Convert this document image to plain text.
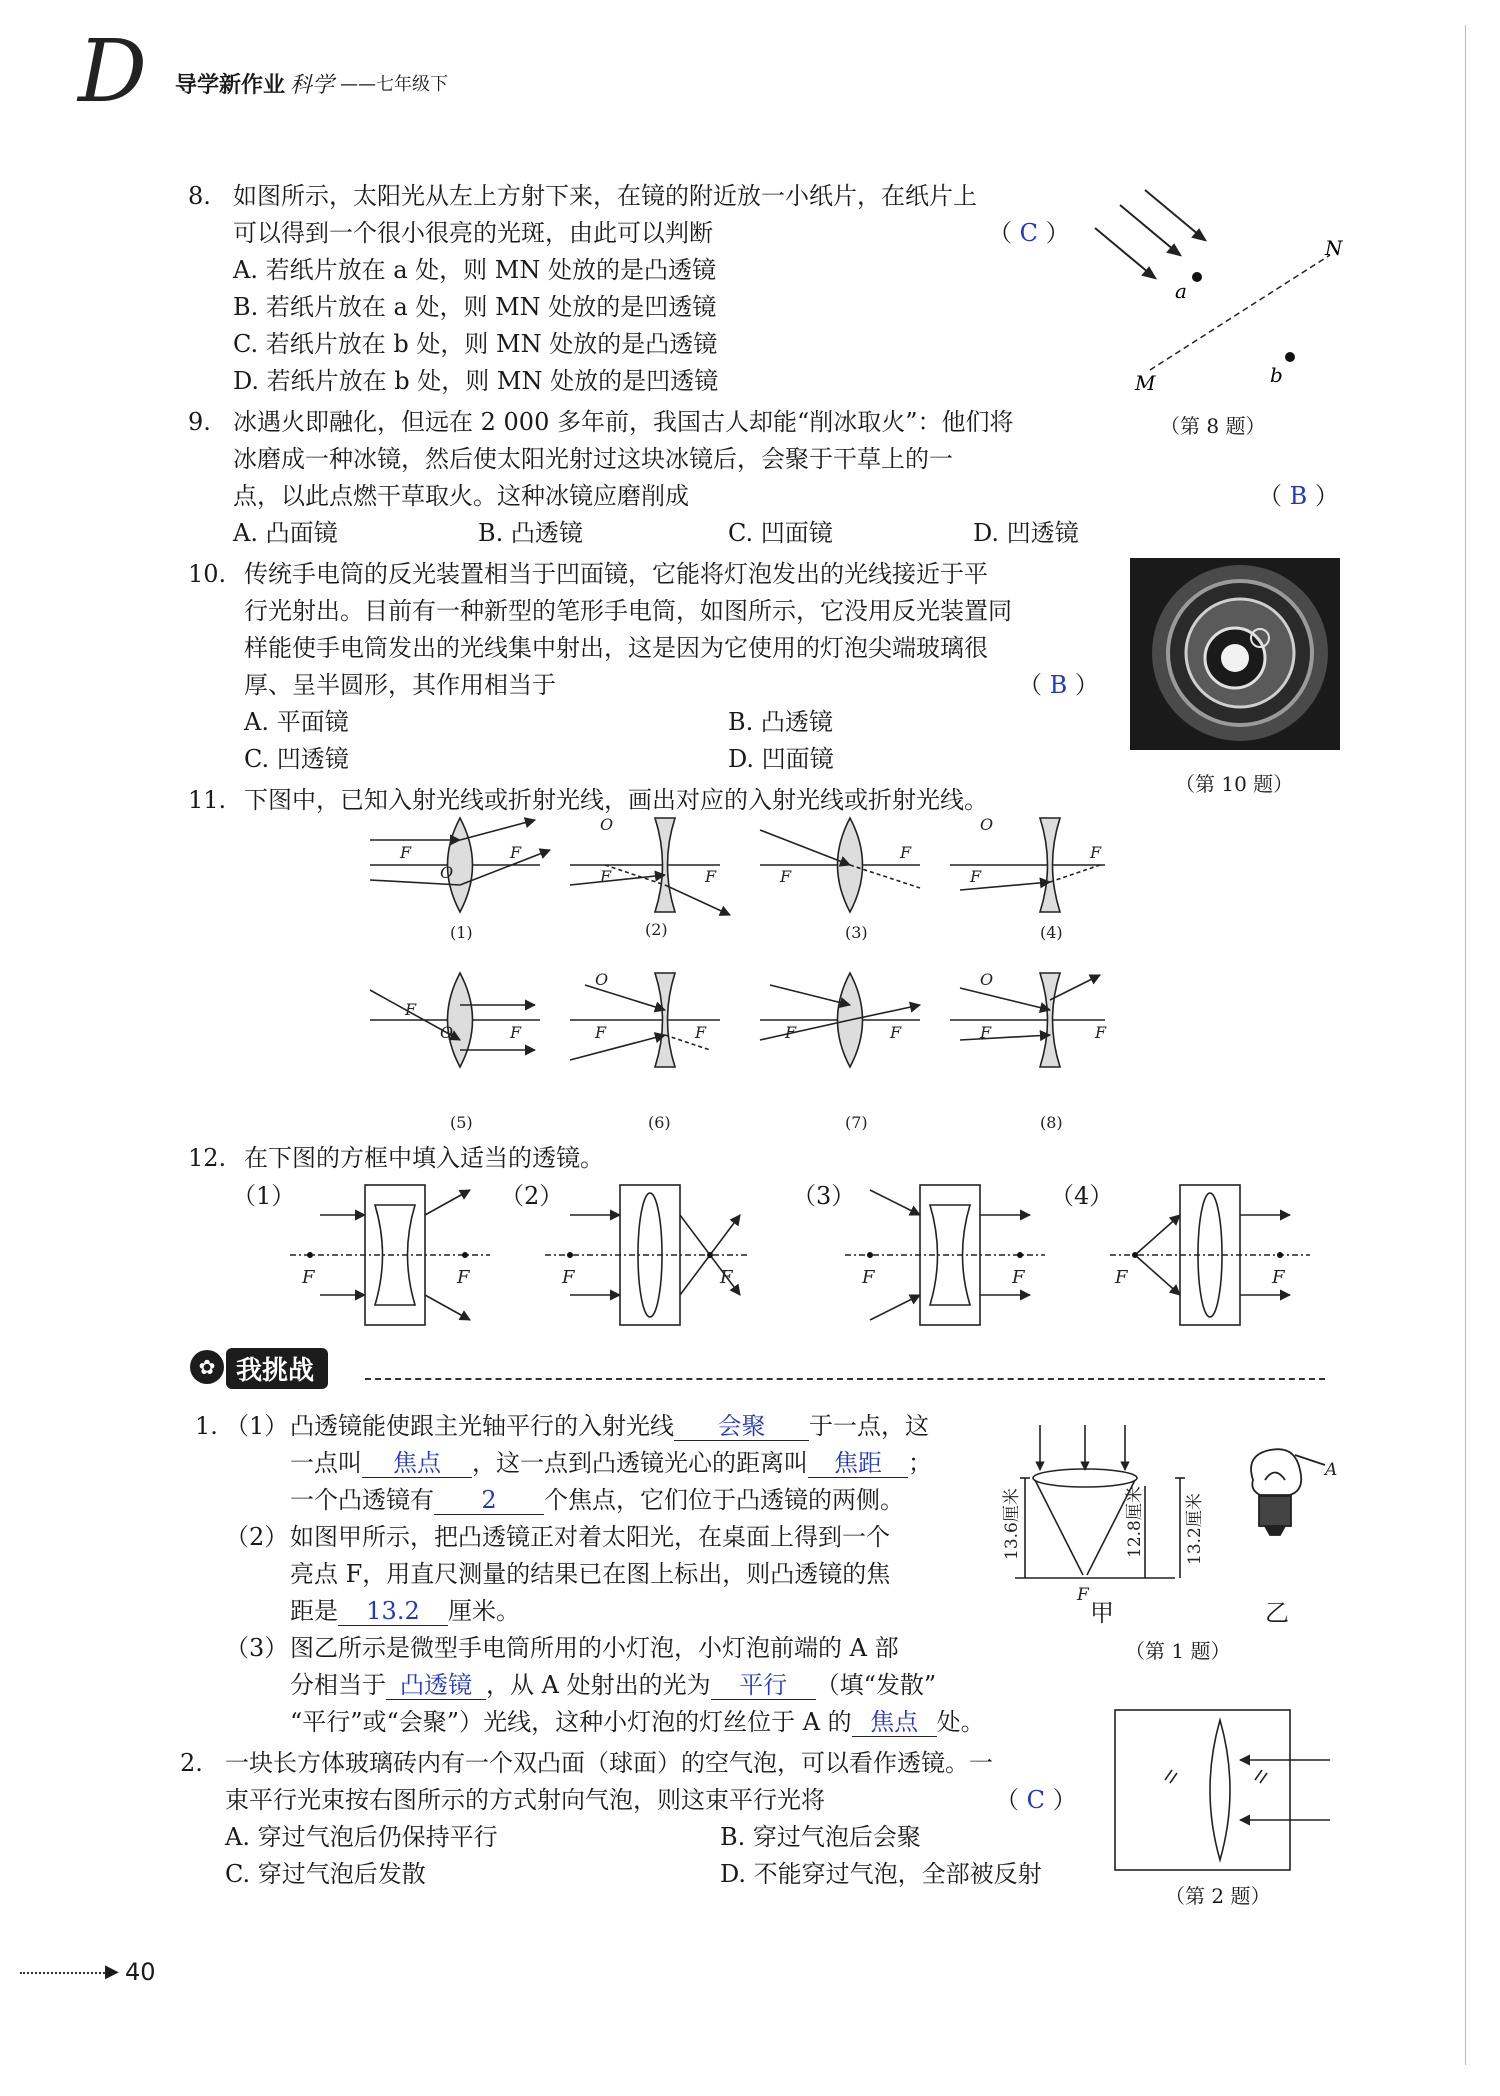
D 导学新作业 科学 ——七年级下
8. 如图所示，太阳光从左上方射下来，在镜的附近放一小纸片，在纸片上
可以得到一个很小很亮的光斑，由此可以判断	（ C ）
A. 若纸片放在 a 处，则 MN 处放的是凸透镜
B. 若纸片放在 a 处，则 MN 处放的是凹透镜
C. 若纸片放在 b 处，则 MN 处放的是凸透镜
D. 若纸片放在 b 处，则 MN 处放的是凹透镜
a
b
M
N
（第 8 题）
9. 冰遇火即融化，但远在 2 000 多年前，我国古人却能“削冰取火”：他们将
冰磨成一种冰镜，然后使太阳光射过这块冰镜后，会聚于干草上的一
点，以此点燃干草取火。这种冰镜应磨削成	（ B ）
A. 凸面镜	B. 凸透镜	C. 凹面镜	D. 凹透镜
10. 传统手电筒的反光装置相当于凹面镜，它能将灯泡发出的光线接近于平
行光射出。目前有一种新型的笔形手电筒，如图所示，它没用反光装置同
样能使手电筒发出的光线集中射出，这是因为它使用的灯泡尖端玻璃很
厚、呈半圆形，其作用相当于	（ B ）
A. 平面镜	B. 凸透镜
C. 凹透镜	D. 凹面镜
（第 10 题）
11. 下图中，已知入射光线或折射光线，画出对应的入射光线或折射光线。
F	F
O
O
F	F	F
F
O
F
F
F
O	F
O
F	F	F	F
O
F	F
(1)	(2)	(3)	(4)
(5)	(6)	(7)	(8)
12. 在下图的方框中填入适当的透镜。
F	F	F	F	F	F	F	F
（1）	（2）	（3）	（4）
✿ 我挑战
1. （1） 凸透镜能使跟主光轴平行的入射光线 会聚 于一点，这
一点叫 焦点 ，这一点到凸透镜光心的距离叫 焦距 ；
一个凸透镜有 2 个焦点，它们位于凸透镜的两侧。
（2） 如图甲所示，把凸透镜正对着太阳光，在桌面上得到一个
亮点 F，用直尺测量的结果已在图上标出，则凸透镜的焦
距是 13.2 厘米。
（3） 图乙所示是微型手电筒所用的小灯泡，小灯泡前端的 A 部
分相当于 凸透镜 ，从 A 处射出的光为 平行 （填“发散”
“平行”或“会聚”）光线，这种小灯泡的灯丝位于 A 的 焦点 处。
13.6厘米	12.8厘米 13.2厘米
F
A
甲	乙
（第 1 题）
2. 一块长方体玻璃砖内有一个双凸面（球面）的空气泡，可以看作透镜。一
束平行光束按右图所示的方式射向气泡，则这束平行光将	（ C ）
A. 穿过气泡后仍保持平行	B. 穿过气泡后会聚
C. 穿过气泡后发散	D. 不能穿过气泡，全部被反射
（第 2 题）
▶ 40
